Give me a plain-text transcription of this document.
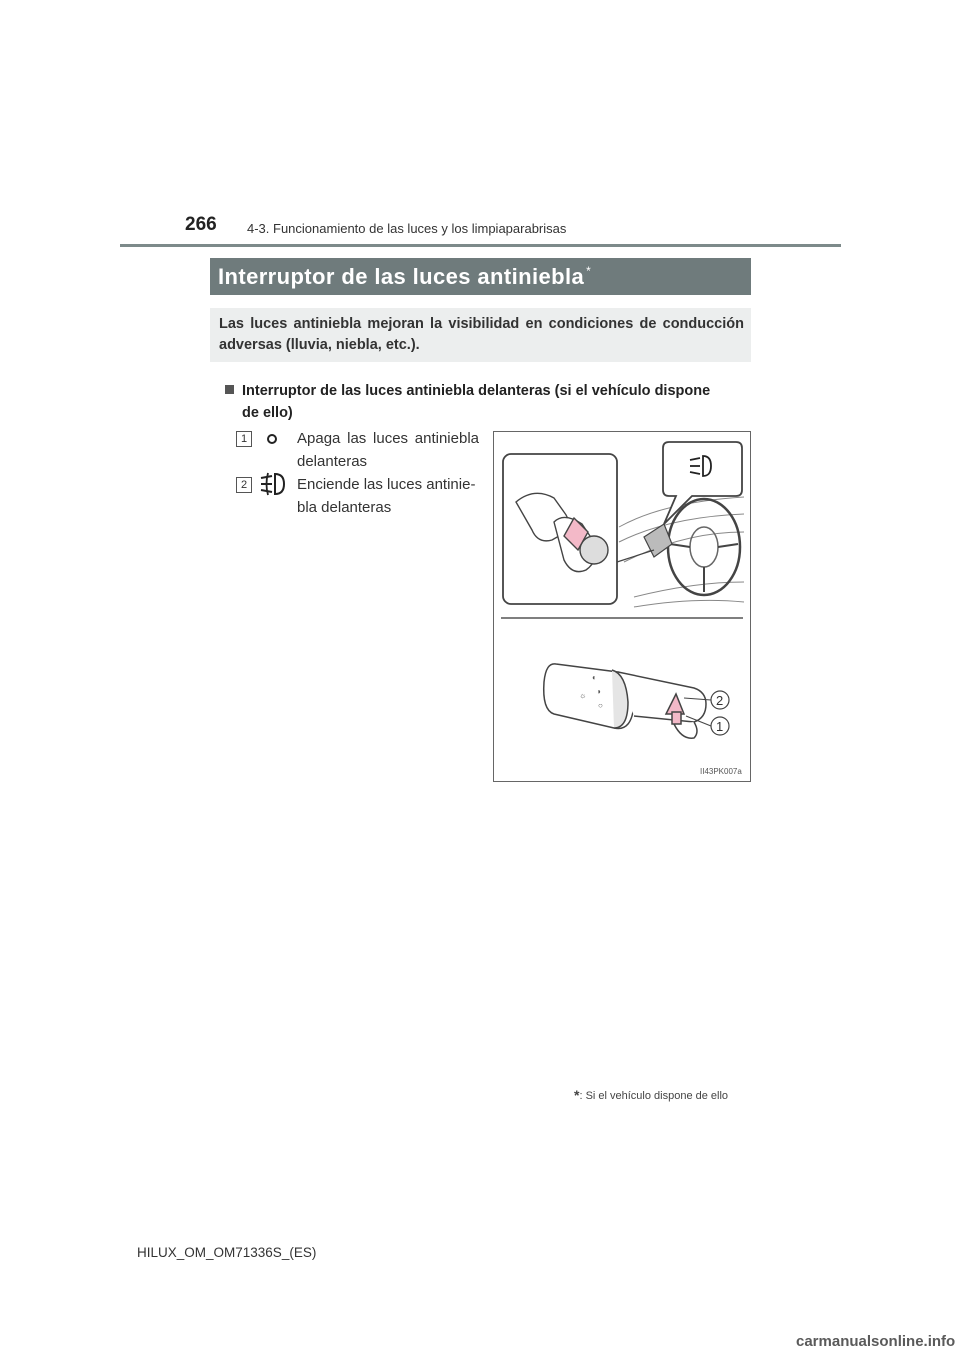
266 4-3. Funcionamiento de las luces y los limpiaparabrisas
Interruptor de las luces antiniebla *
Las luces antiniebla mejoran la visibilidad en condiciones de conducción adversas (lluvia, niebla, etc.).
Interruptor de las luces antiniebla delanteras (si el vehículo dispone
de ello)
1	Apaga las luces antiniebla
delanteras
2	Enciende las luces antinie-
bla delanteras
☼
◐
◑
○	2
1
II43PK007a
*: Si el vehículo dispone de ello
HILUX_OM_OM71336S_(ES)
carmanualsonline.info
